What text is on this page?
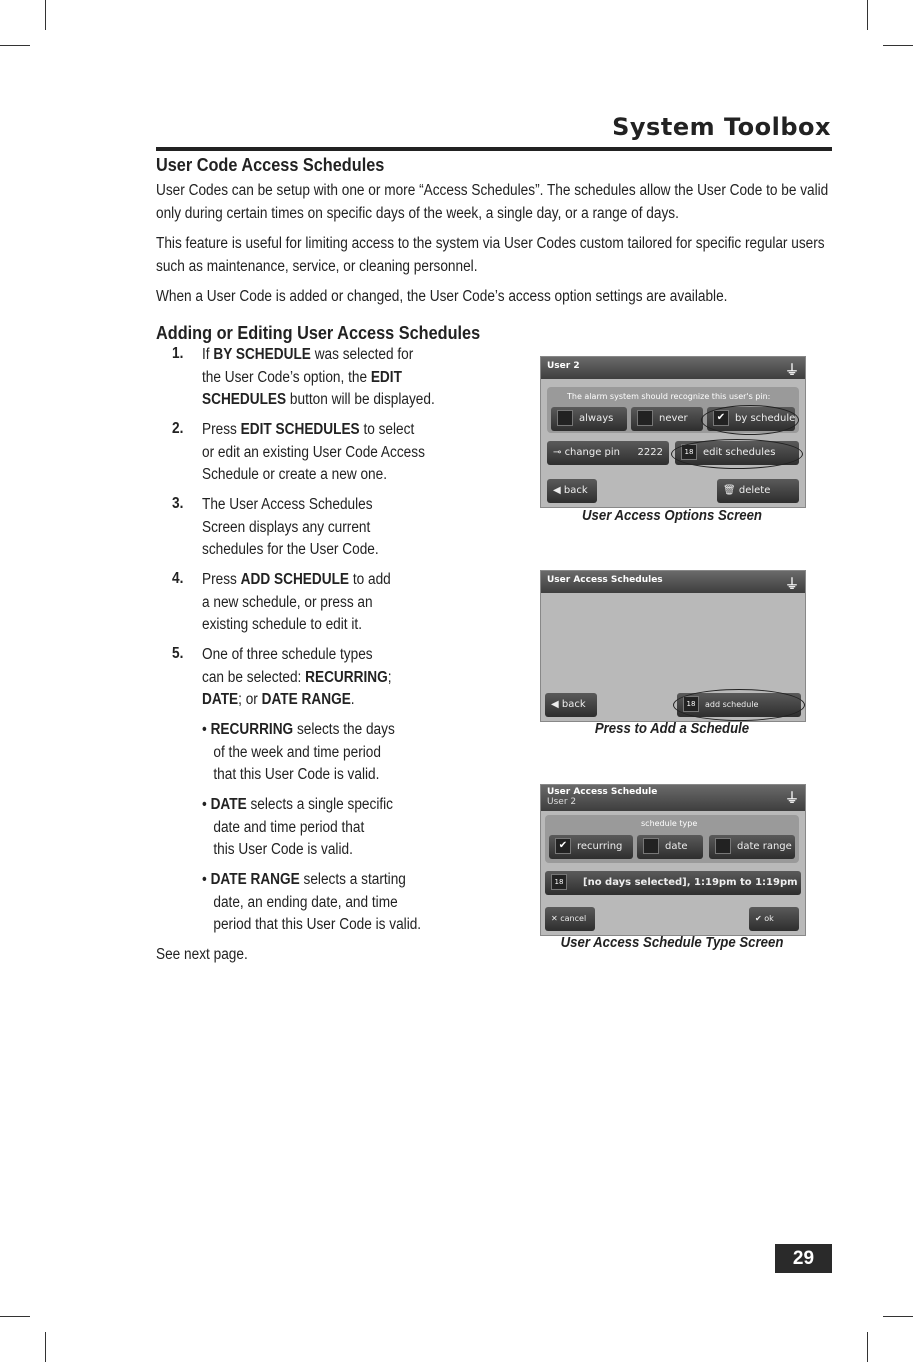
System Toolbox

User Code Access Schedules

User Codes can be setup with one or more “Access Schedules”. The schedules allow the User Code to be valid only during certain times on specific days of the week, a single day, or a range of days.

This feature is useful for limiting access to the system via User Codes custom tailored for specific regular users such as maintenance, service, or cleaning personnel.

When a User Code is added or changed, the User Code’s access option settings are available.

Adding or Editing User Access Schedules
1. If BY SCHEDULE was selected for
the User Code’s option, the EDIT
SCHEDULES button will be displayed.
2. Press EDIT SCHEDULES to select
or edit an existing User Code Access
Schedule or create a new one.
3. The User Access Schedules
Screen displays any current
schedules for the User Code.
4. Press ADD SCHEDULE to add
a new schedule, or press an
existing schedule to edit it.
5. One of three schedule types
can be selected: RECURRING;
DATE; or DATE RANGE.
• RECURRING selects the days
of the week and time period
that this User Code is valid.
• DATE selects a single specific
date and time period that
this User Code is valid.
• DATE RANGE selects a starting
date, an ending date, and time
period that this User Code is valid.
See next page.
User 2	⏚
The alarm system should recognize this user's pin:
always	never	✔ by schedule
⊸ change pin 2222	18 edit schedules
◀ back	🗑 delete
User Access Options Screen
User Access Schedules	⏚
◀ back	18 add schedule
Press to Add a Schedule
User Access Schedule
User 2	⏚
schedule type
✔ recurring	date	date range
18 [no days selected], 1:19pm to 1:19pm
✕ cancel	✔ ok
User Access Schedule Type Screen
29
